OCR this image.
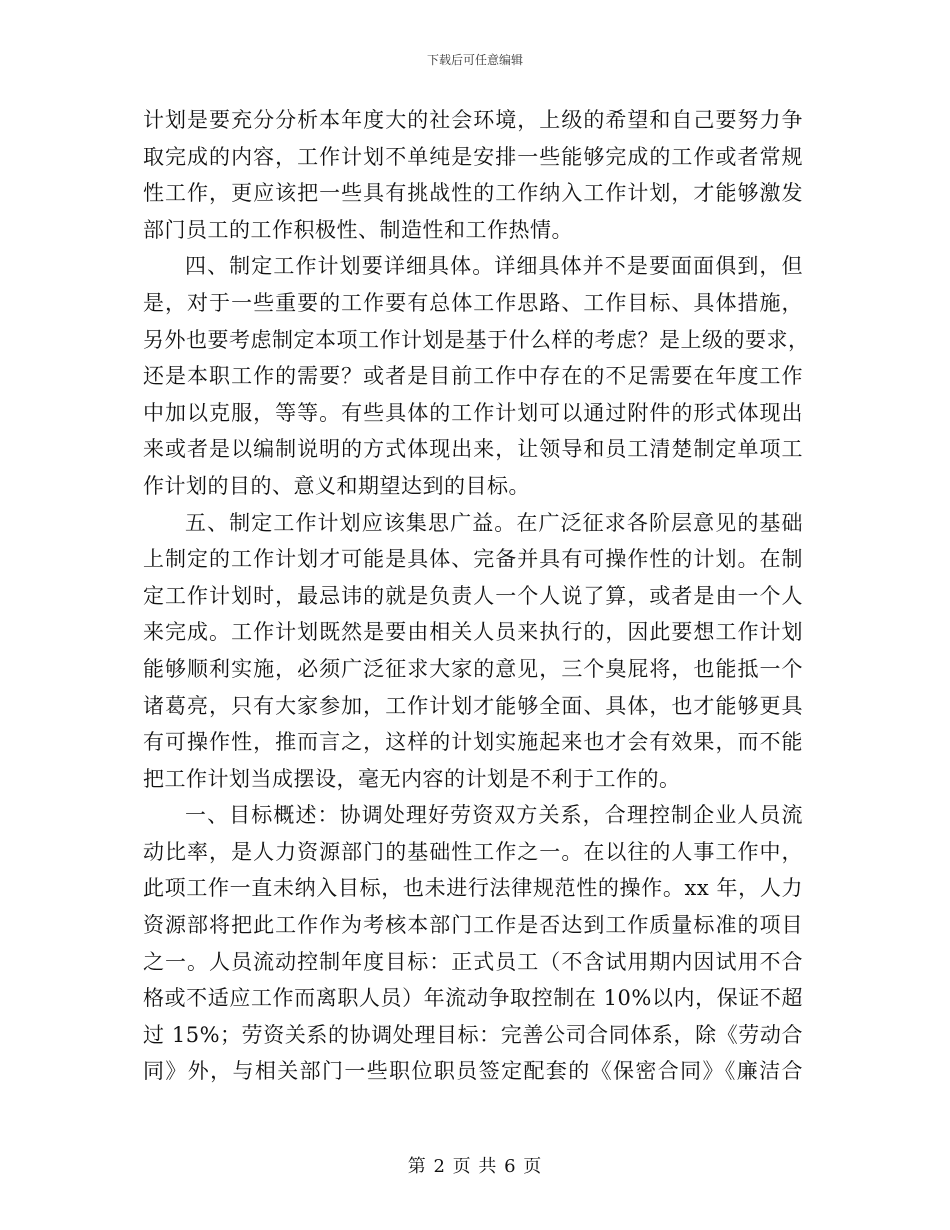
下载后可任意编辑
计划是要充分分析本年度大的社会环境，上级的希望和自己要努力争
取完成的内容，工作计划不单纯是安排一些能够完成的工作或者常规
性工作，更应该把一些具有挑战性的工作纳入工作计划，才能够激发
部门员工的工作积极性、制造性和工作热情。
四、制定工作计划要详细具体。详细具体并不是要面面俱到，但
是，对于一些重要的工作要有总体工作思路、工作目标、具体措施，
另外也要考虑制定本项工作计划是基于什么样的考虑？是上级的要求，
还是本职工作的需要？或者是目前工作中存在的不足需要在年度工作
中加以克服，等等。有些具体的工作计划可以通过附件的形式体现出
来或者是以编制说明的方式体现出来，让领导和员工清楚制定单项工
作计划的目的、意义和期望达到的目标。
五、制定工作计划应该集思广益。在广泛征求各阶层意见的基础
上制定的工作计划才可能是具体、完备并具有可操作性的计划。在制
定工作计划时，最忌讳的就是负责人一个人说了算，或者是由一个人
来完成。工作计划既然是要由相关人员来执行的，因此要想工作计划
能够顺利实施，必须广泛征求大家的意见，三个臭屁将，也能抵一个
诸葛亮，只有大家参加，工作计划才能够全面、具体，也才能够更具
有可操作性，推而言之，这样的计划实施起来也才会有效果，而不能
把工作计划当成摆设，毫无内容的计划是不利于工作的。
一、目标概述：协调处理好劳资双方关系，合理控制企业人员流
动比率，是人力资源部门的基础性工作之一。在以往的人事工作中，
此项工作一直未纳入目标，也未进行法律规范性的操作。xx 年，人力
资源部将把此工作作为考核本部门工作是否达到工作质量标准的项目
之一。人员流动控制年度目标：正式员工（不含试用期内因试用不合
格或不适应工作而离职人员）年流动争取控制在 10%以内，保证不超
过 15%；劳资关系的协调处理目标：完善公司合同体系，除《劳动合
同》外，与相关部门一些职位职员签定配套的《保密合同》《廉洁合
第 2 页 共 6 页
